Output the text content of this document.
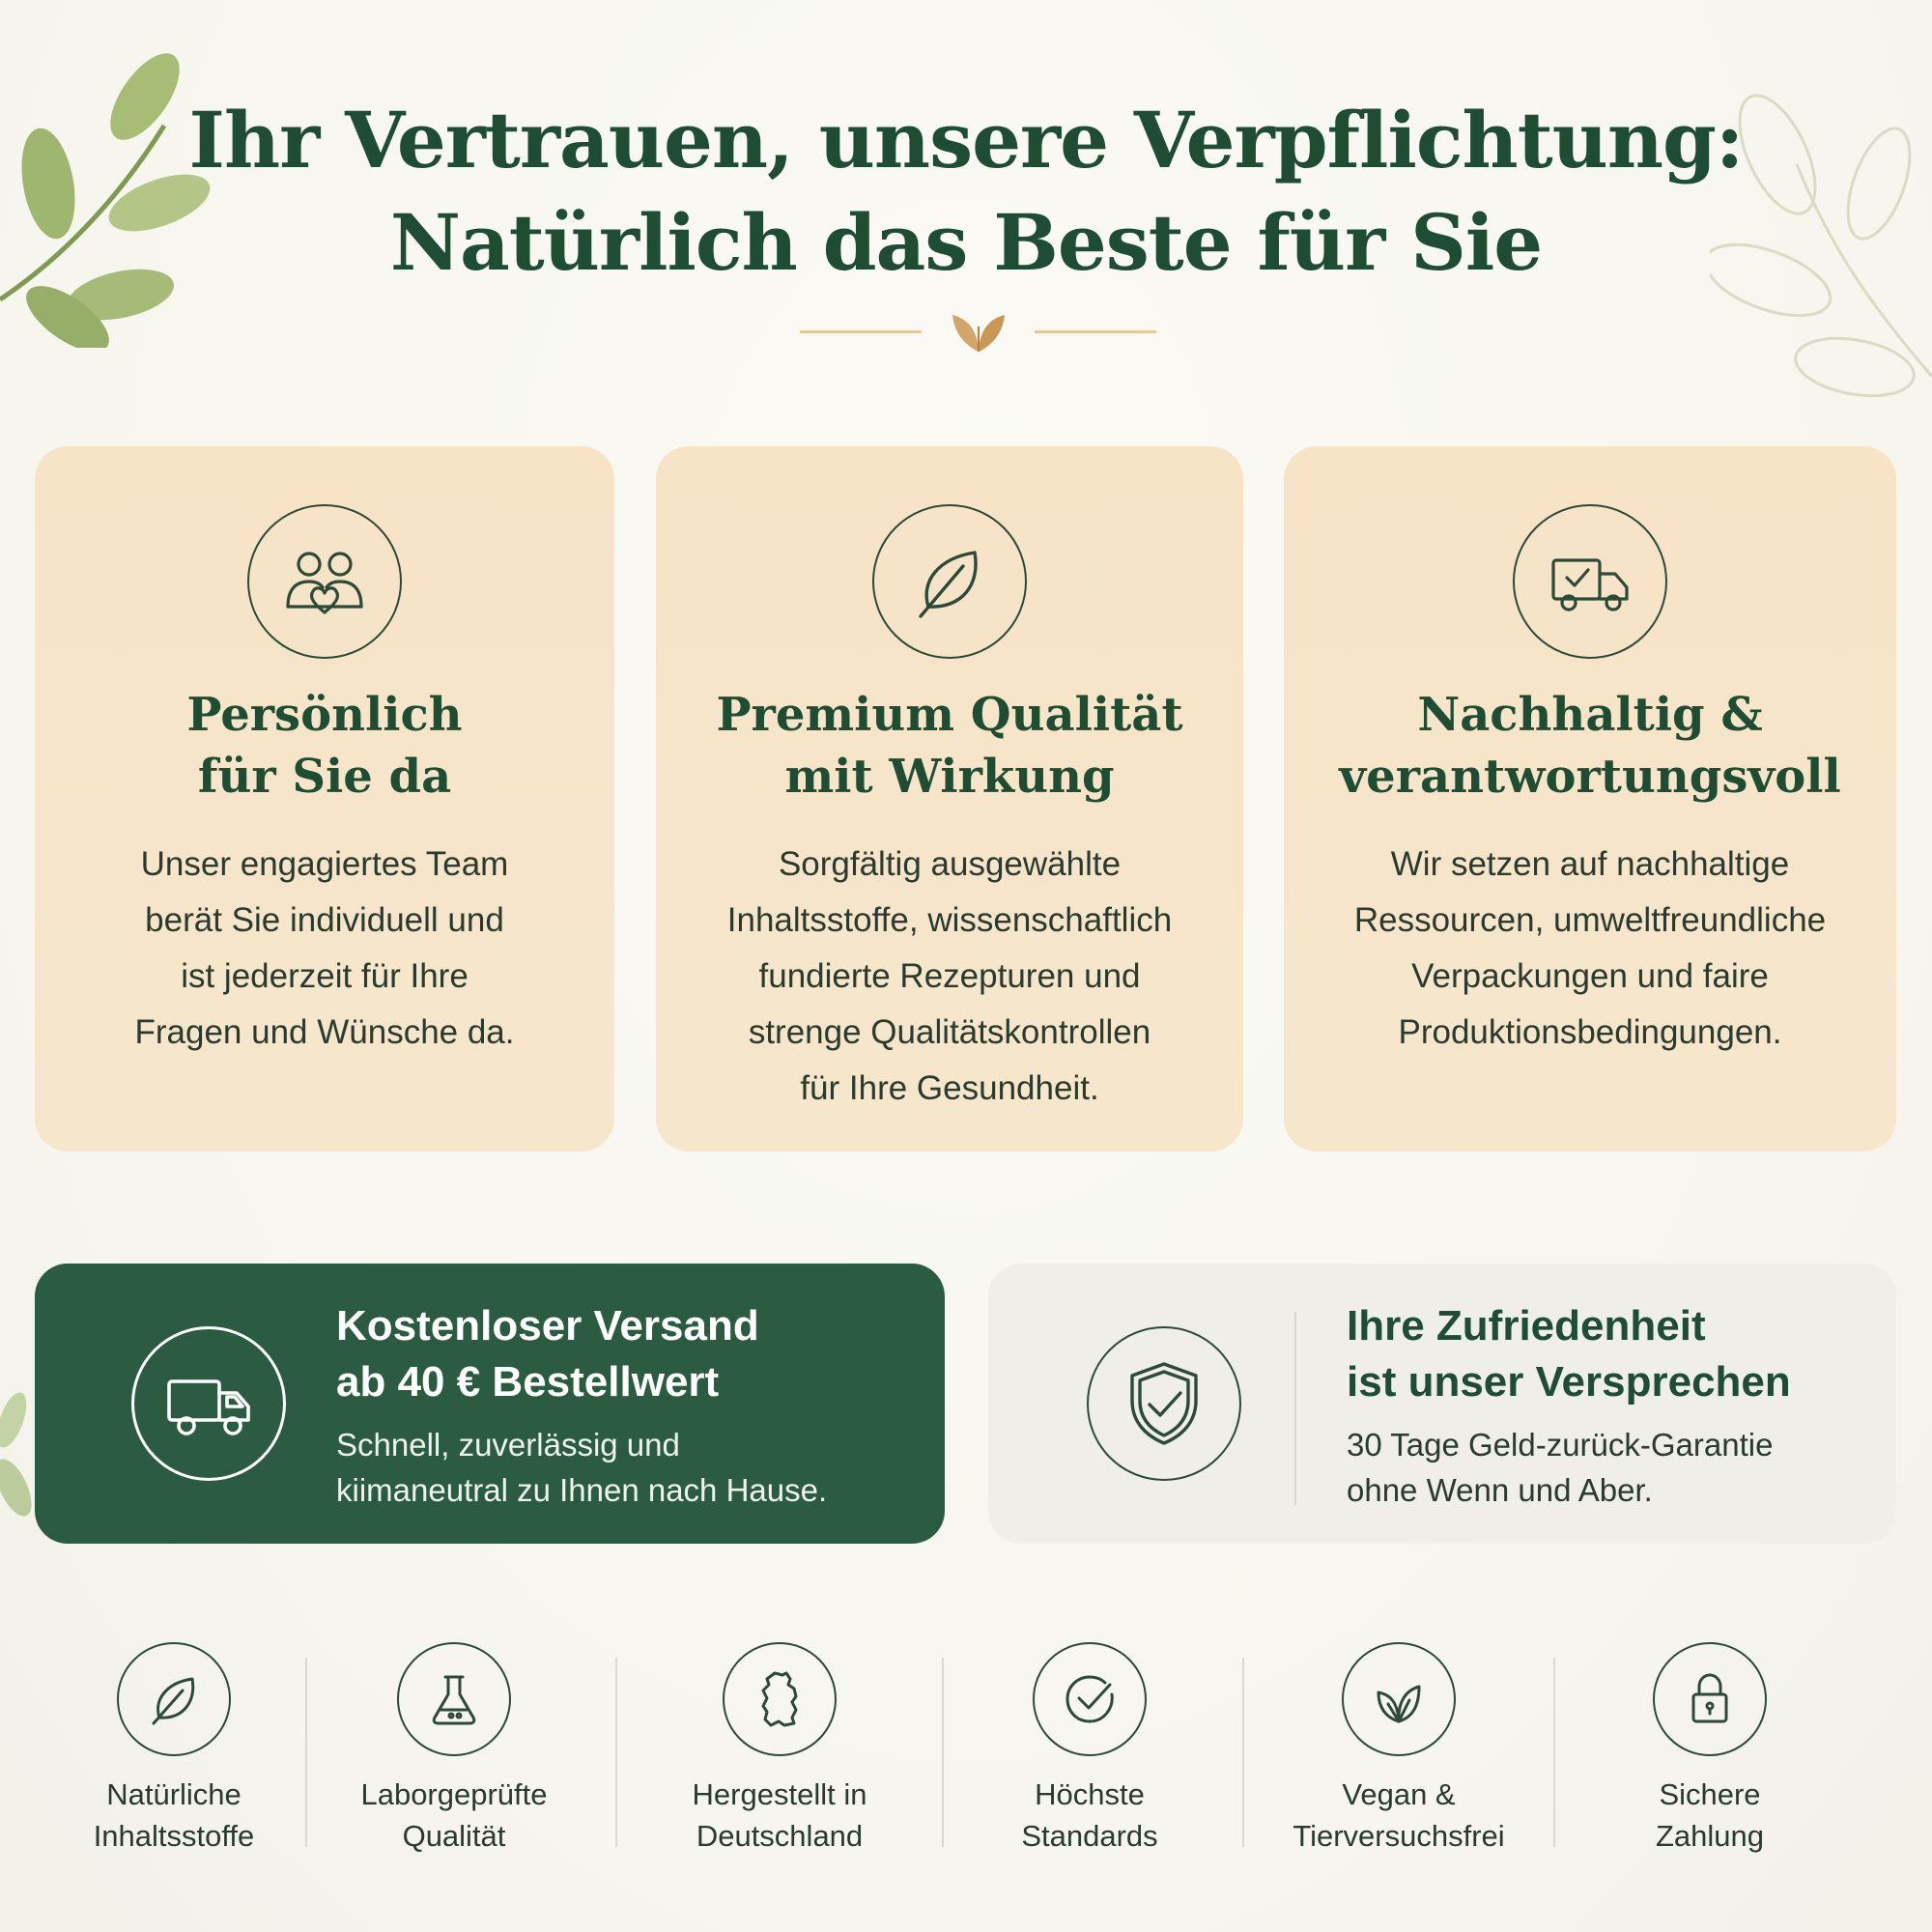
Ihr Vertrauen, unsere Verpflichtung:
Natürlich das Beste für Sie
Persönlich
für Sie da

Unser engagiertes Team
berät Sie individuell und
ist jederzeit für Ihre
Fragen und Wünsche da.

Premium Qualität
mit Wirkung

Sorgfältig ausgewählte
Inhaltsstoffe, wissenschaftlich
fundierte Rezepturen und
strenge Qualitätskontrollen
für Ihre Gesundheit.

Nachhaltig &
verantwortungsvoll

Wir setzen auf nachhaltige
Ressourcen, umweltfreundliche
Verpackungen und faire
Produktionsbedingungen.

Kostenloser Versand
ab 40 € Bestellwert
Schnell, zuverlässig und
kiimaneutral zu Ihnen nach Hause.
Ihre Zufriedenheit
ist unser Versprechen
30 Tage Geld-zurück-Garantie
ohne Wenn und Aber.
Natürliche
Inhaltsstoffe
Laborgeprüfte
Qualität
Hergestellt in
Deutschland
Höchste
Standards
Vegan &
Tierversuchsfrei
Sichere
Zahlung
